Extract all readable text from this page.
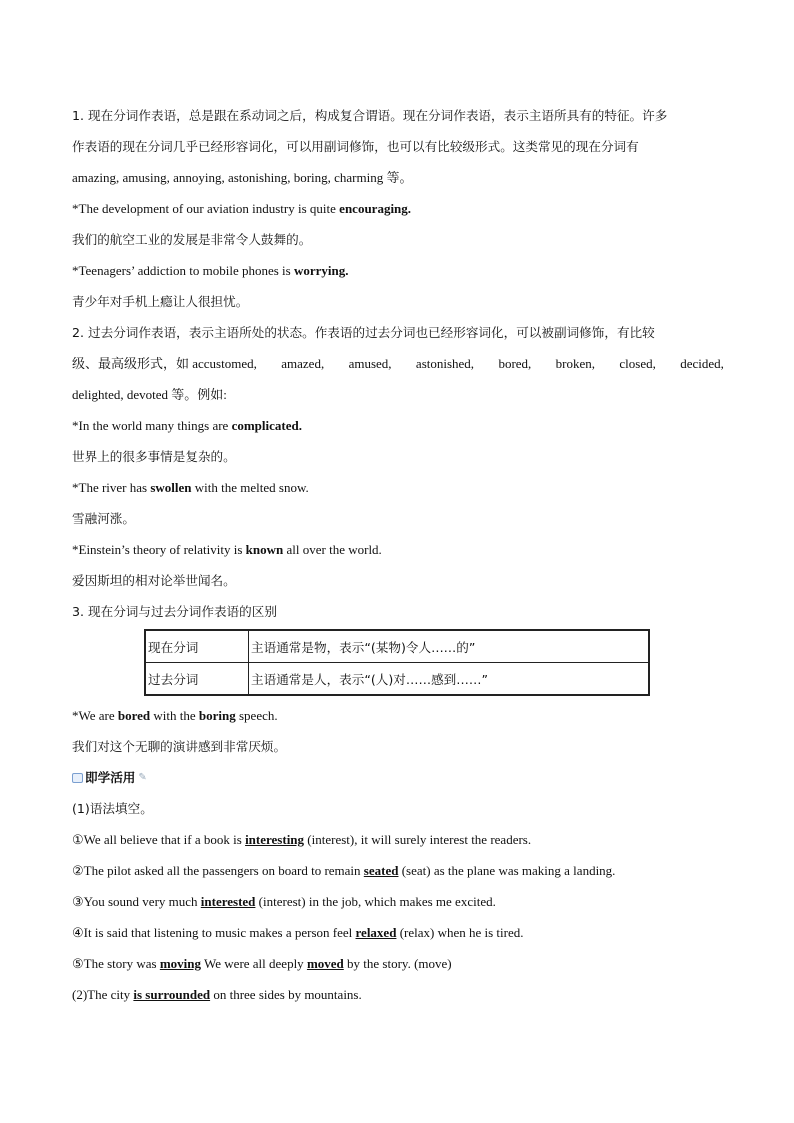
1. 现在分词作表语，总是跟在系动词之后，构成复合谓语。现在分词作表语，表示主语所具有的特征。许多
作表语的现在分词几乎已经形容词化，可以用副词修饰，也可以有比较级形式。这类常见的现在分词有
amazing, amusing, annoying, astonishing, boring, charming 等。
*The development of our aviation industry is quite encouraging.
我们的航空工业的发展是非常令人鼓舞的。
*Teenagers’ addiction to mobile phones is worrying.
青少年对手机上瘾让人很担忧。
2. 过去分词作表语，表示主语所处的状态。作表语的过去分词也已经形容词化，可以被副词修饰，有比较
级、最高级形式，如 accustomed, amazed, amused, astonished, bored, broken, closed, decided,
delighted, devoted 等。例如:
*In the world many things are complicated.
世界上的很多事情是复杂的。
*The river has swollen with the melted snow.
雪融河涨。
*Einstein’s theory of relativity is known all over the world.
爱因斯坦的相对论举世闻名。
3. 现在分词与过去分词作表语的区别
现在分词	主语通常是物，表示“(某物)令人……的”
过去分词	主语通常是人，表示“(人)对……感到……”
*We are bored with the boring speech.
我们对这个无聊的演讲感到非常厌烦。
即学活用 ✎
(1)语法填空。
①We all believe that if a book is interesting (interest), it will surely interest the readers.
②The pilot asked all the passengers on board to remain seated (seat) as the plane was making a landing.
③You sound very much interested (interest) in the job, which makes me excited.
④It is said that listening to music makes a person feel relaxed (relax) when he is tired.
⑤The story was moving We were all deeply moved by the story. (move)
(2)The city is surrounded on three sides by mountains.
